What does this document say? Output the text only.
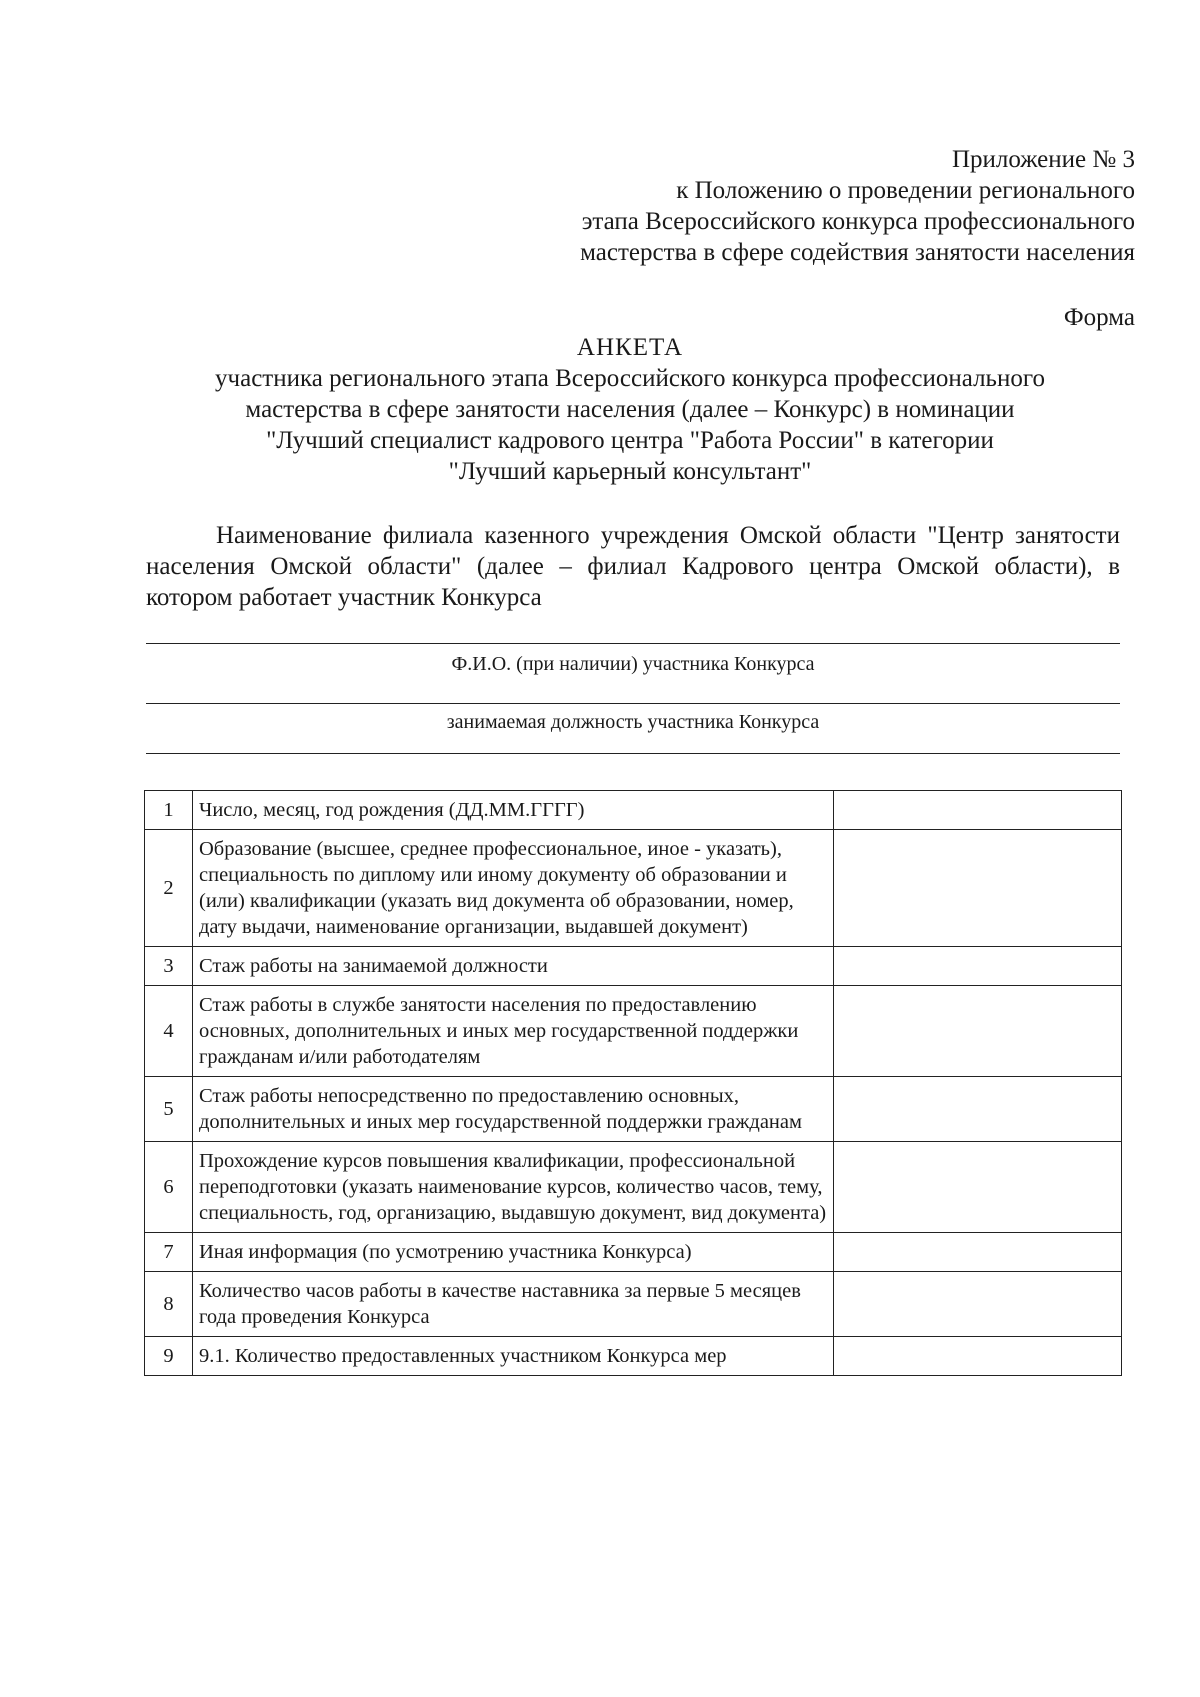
Приложение № 3
к Положению о проведении регионального
этапа Всероссийского конкурса профессионального
мастерства в сфере содействия занятости населения
Форма
АНКЕТА
участника регионального этапа Всероссийского конкурса профессионального
мастерства в сфере занятости населения (далее – Конкурс) в номинации
"Лучший специалист кадрового центра "Работа России" в категории
"Лучший карьерный консультант"
Наименование филиала казенного учреждения Омской области "Центр занятости населения Омской области" (далее – филиал Кадрового центра Омской области), в котором работает участник Конкурса
Ф.И.О. (при наличии) участника Конкурса
занимаемая должность участника Конкурса
1	Число, месяц, год рождения (ДД.ММ.ГГГГ)	
2	Образование (высшее, среднее профессиональное, иное - указать), специальность по диплому или иному документу об образовании и (или) квалификации (указать вид документа об образовании, номер, дату выдачи, наименование организации, выдавшей документ)	
3	Стаж работы на занимаемой должности	
4	Стаж работы в службе занятости населения по предоставлению основных, дополнительных и иных мер государственной поддержки гражданам и/или работодателям	
5	Стаж работы непосредственно по предоставлению основных, дополнительных и иных мер государственной поддержки гражданам	
6	Прохождение курсов повышения квалификации, профессиональной переподготовки (указать наименование курсов, количество часов, тему, специальность, год, организацию, выдавшую документ, вид документа)	
7	Иная информация (по усмотрению участника Конкурса)	
8	Количество часов работы в качестве наставника за первые 5 месяцев года проведения Конкурса	
9	9.1. Количество предоставленных участником Конкурса мер	
